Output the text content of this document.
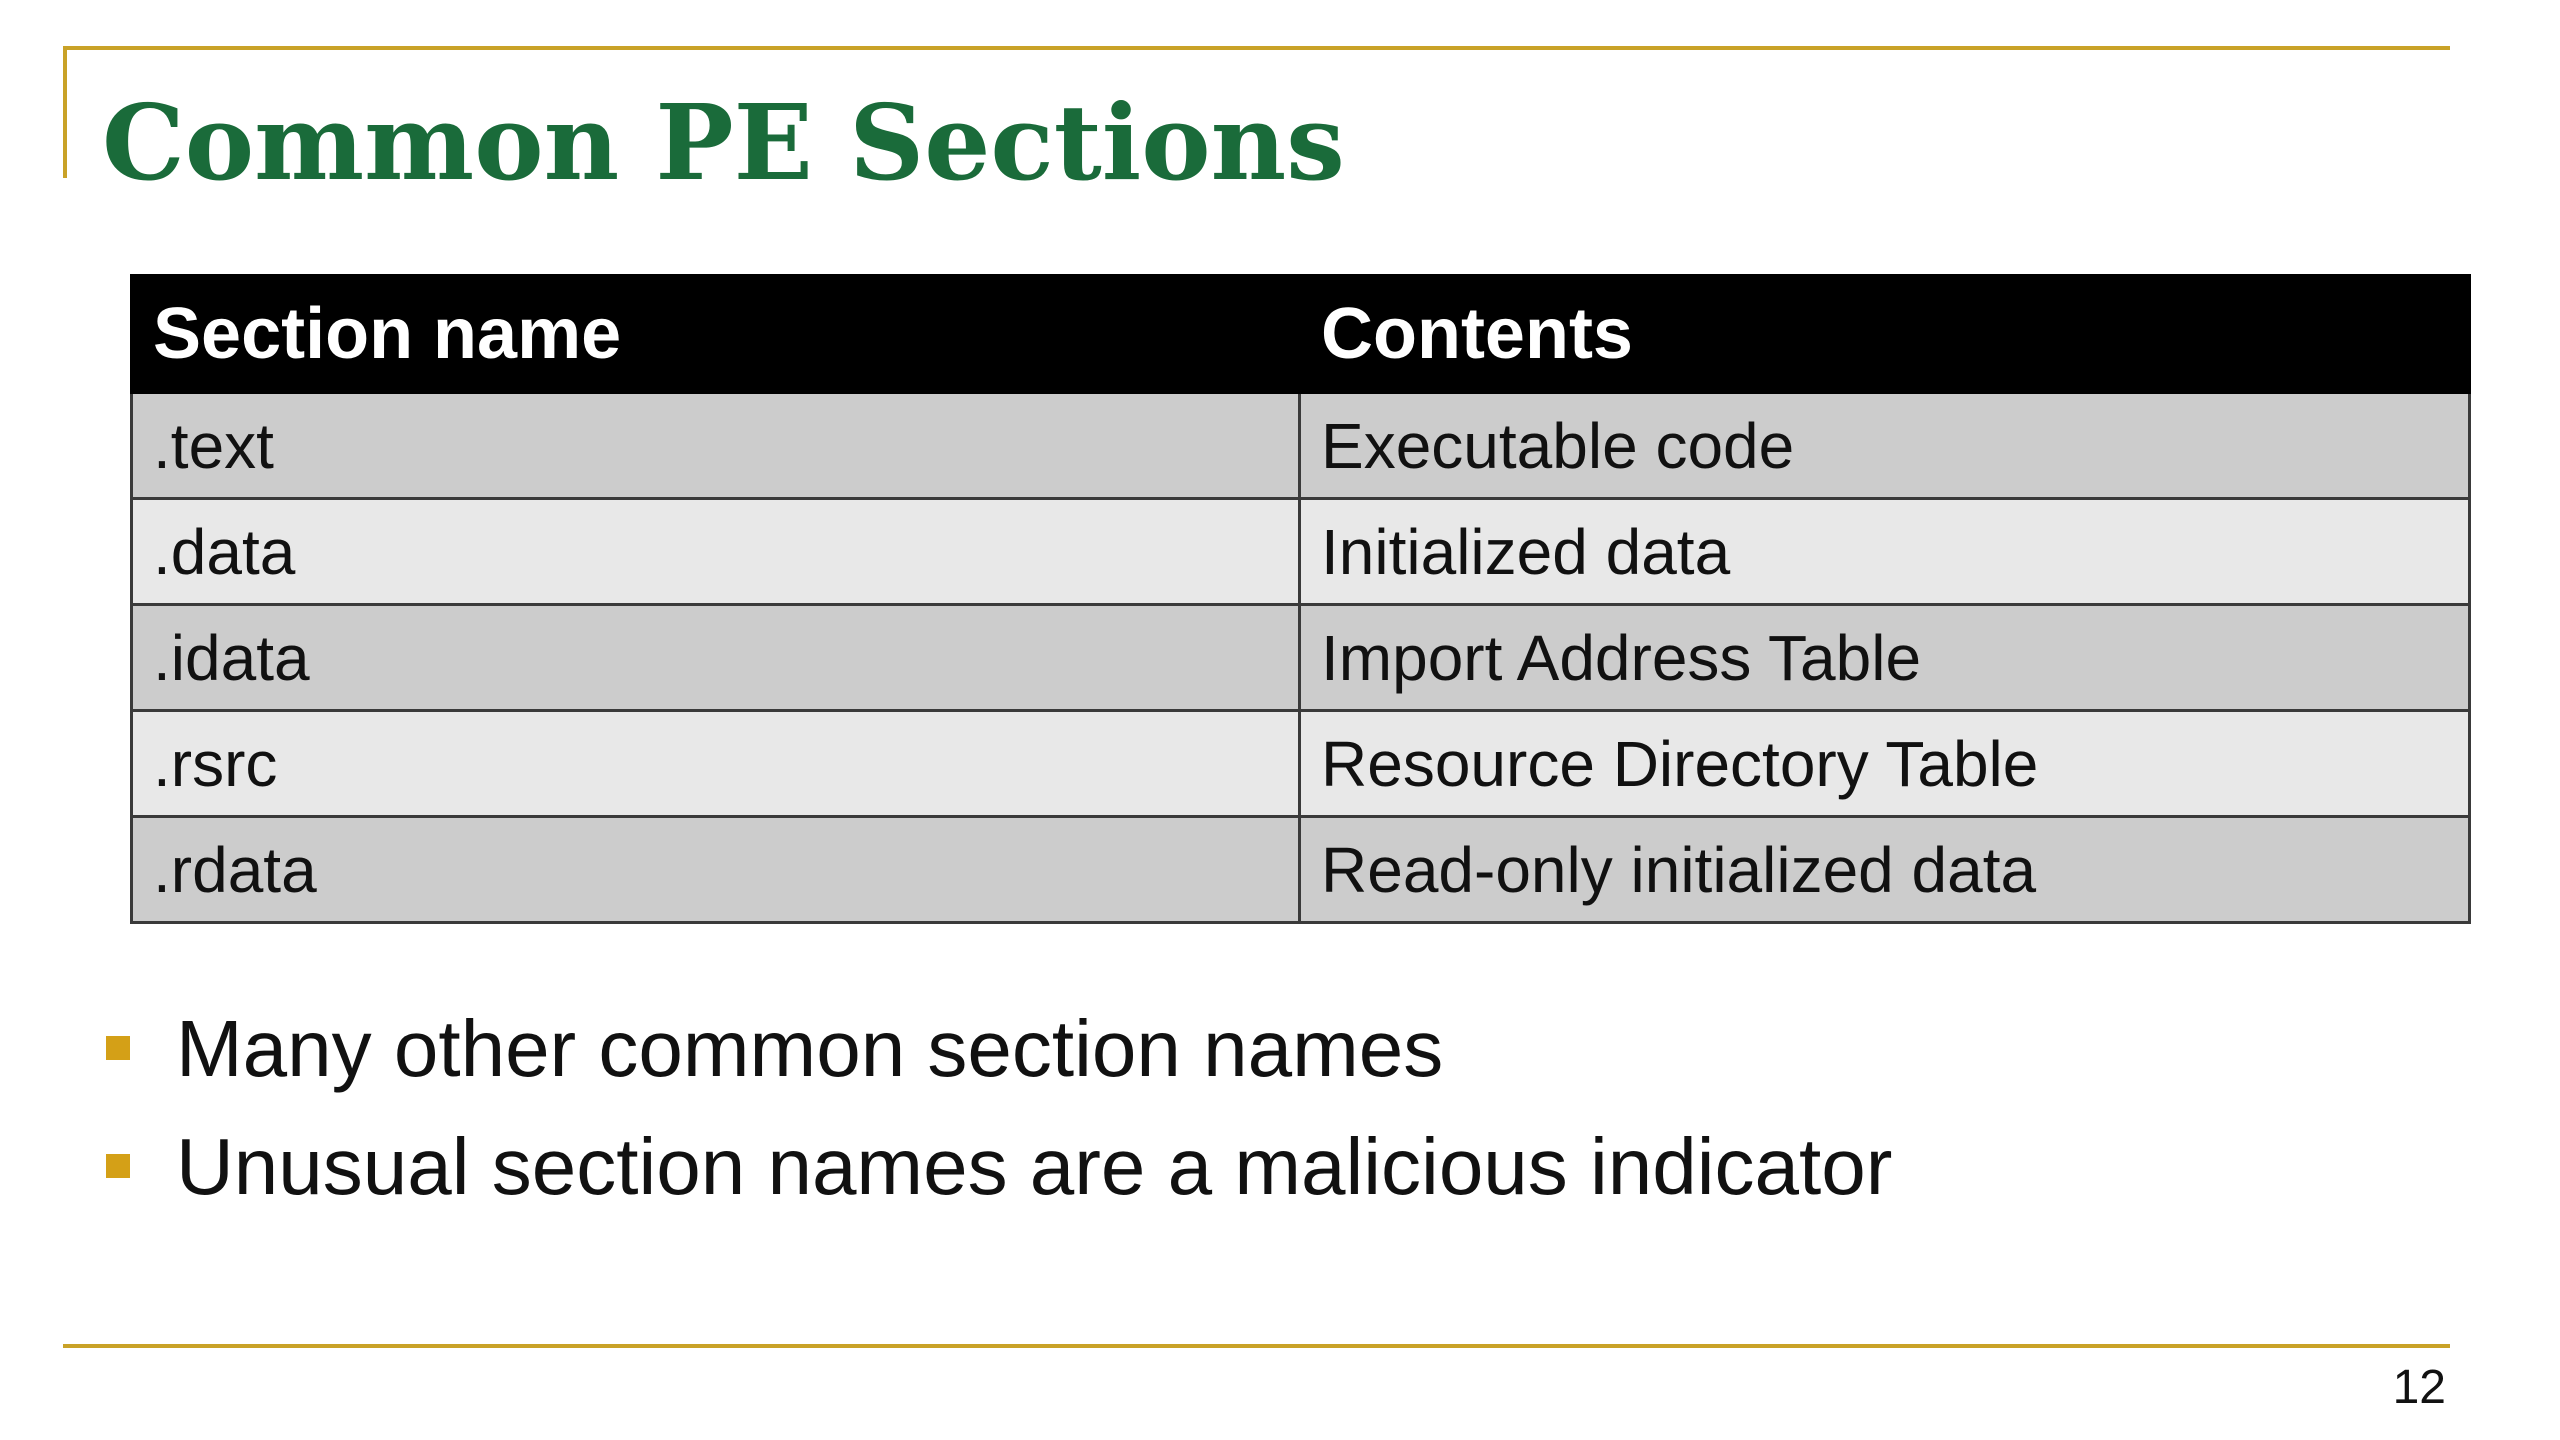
Common PE Sections
Section name	Contents
.text	Executable code
.data	Initialized data
.idata	Import Address Table
.rsrc	Resource Directory Table
.rdata	Read-only initialized data
Many other common section names
Unusual section names are a malicious indicator
12
